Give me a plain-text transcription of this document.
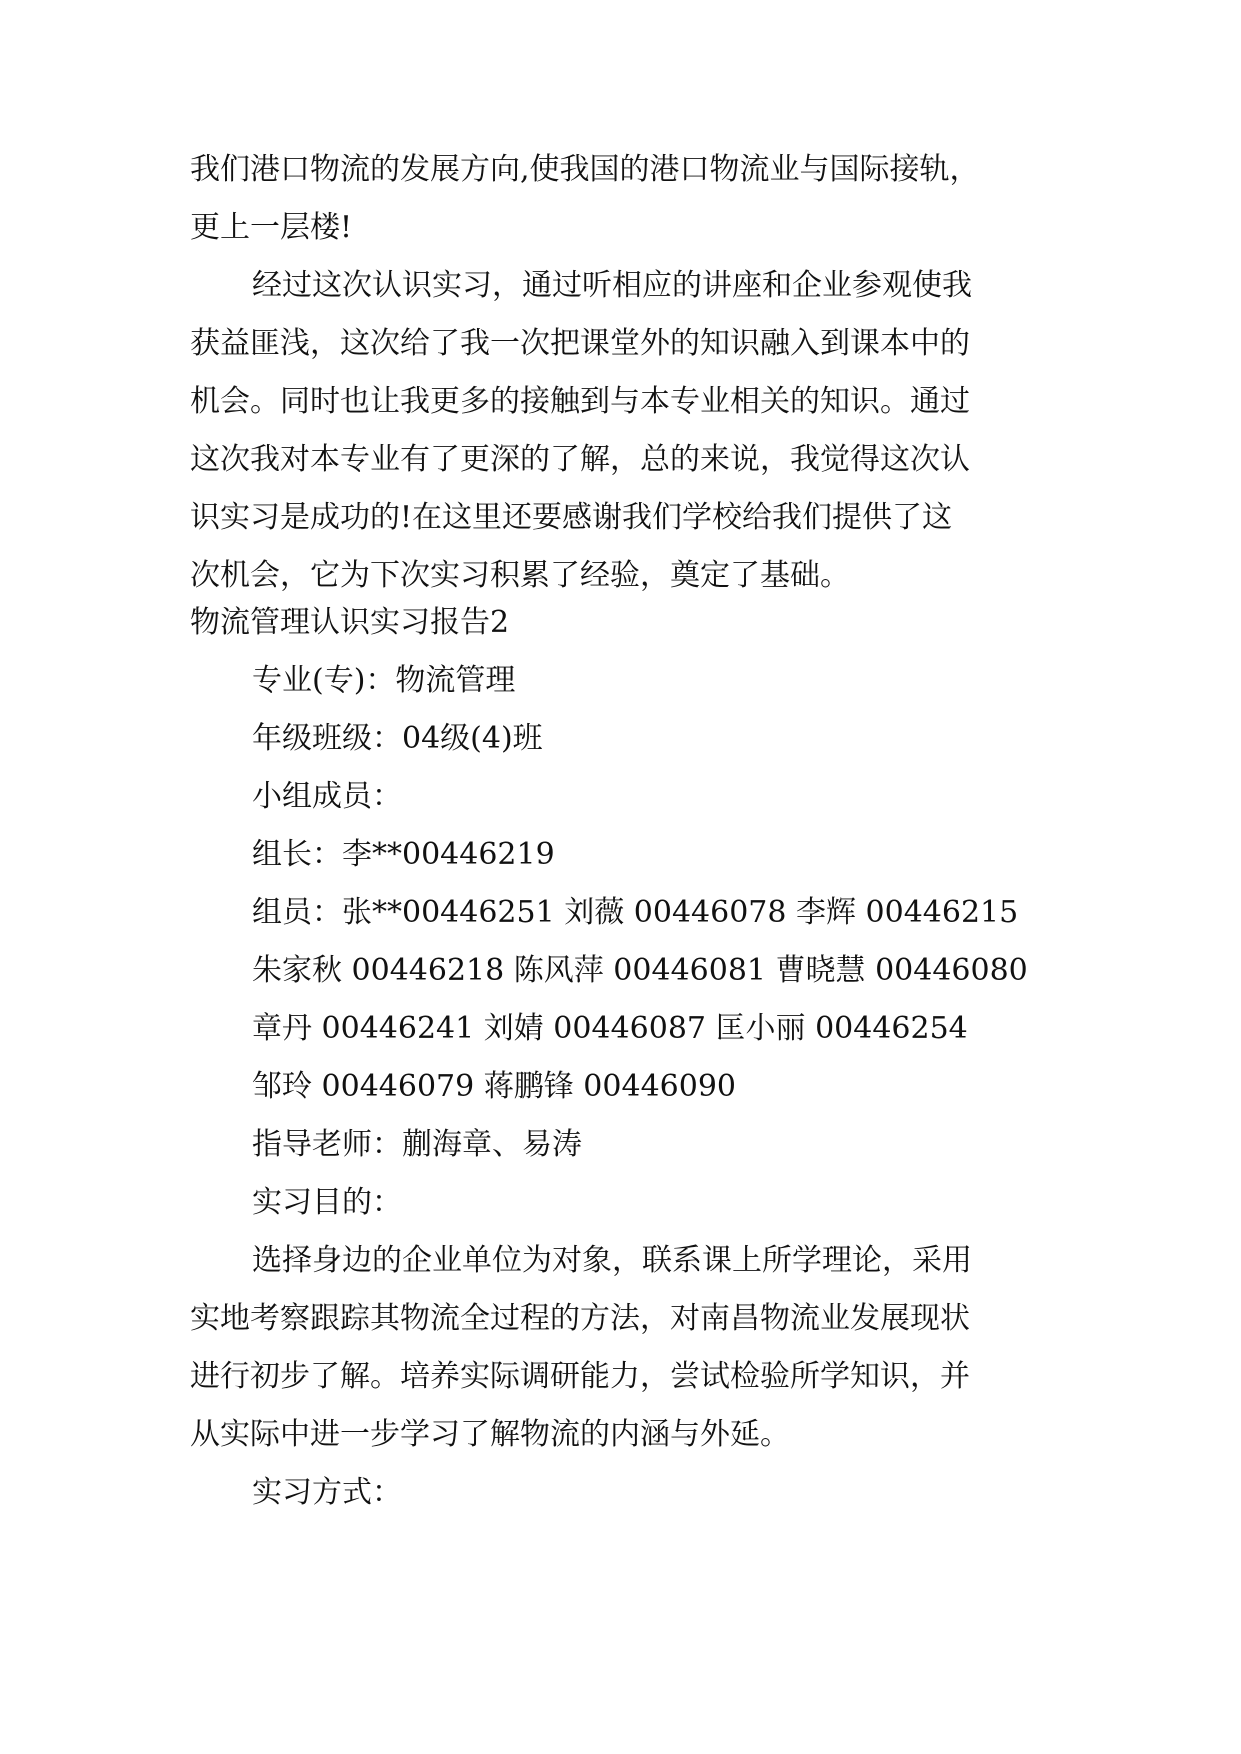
我们港口物流的发展方向,使我国的港口物流业与国际接轨，
更上一层楼!
经过这次认识实习，通过听相应的讲座和企业参观使我
获益匪浅，这次给了我一次把课堂外的知识融入到课本中的
机会。同时也让我更多的接触到与本专业相关的知识。通过
这次我对本专业有了更深的了解，总的来说，我觉得这次认
识实习是成功的!在这里还要感谢我们学校给我们提供了这
次机会，它为下次实习积累了经验，奠定了基础。
物流管理认识实习报告2
专业(专)：物流管理
年级班级：04级(4)班
小组成员：
组长：李**00446219
组员：张**00446251 刘薇 00446078 李辉 00446215
朱家秋 00446218 陈风萍 00446081 曹晓慧 00446080
章丹 00446241 刘婧 00446087 匡小丽 00446254
邹玲 00446079 蒋鹏锋 00446090
指导老师：蒯海章、易涛
实习目的：
选择身边的企业单位为对象，联系课上所学理论，采用
实地考察跟踪其物流全过程的方法，对南昌物流业发展现状
进行初步了解。培养实际调研能力，尝试检验所学知识，并
从实际中进一步学习了解物流的内涵与外延。
实习方式：
